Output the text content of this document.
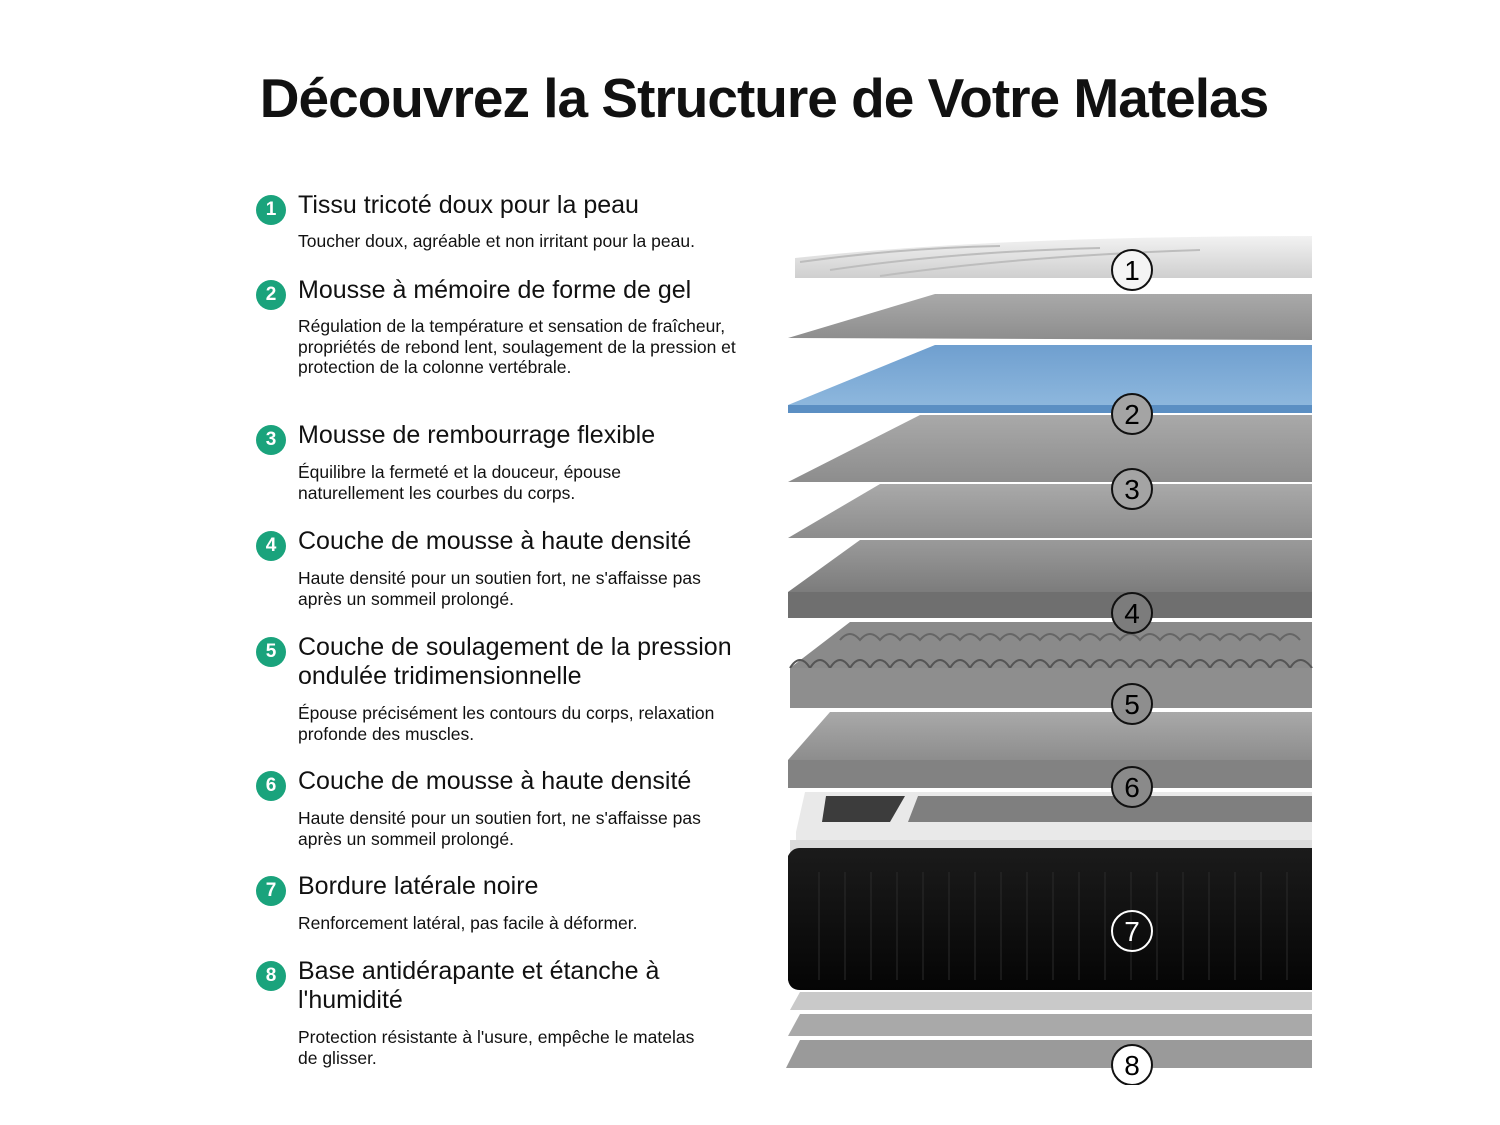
Découvrez la Structure de Votre Matelas
1 Tissu tricoté doux pour la peau
Toucher doux, agréable et non irritant pour la peau.
2 Mousse à mémoire de forme de gel
Régulation de la température et sensation de fraîcheur, propriétés de rebond lent, soulagement de la pression et protection de la colonne vertébrale.
3 Mousse de rembourrage flexible
Équilibre la fermeté et la douceur, épouse naturellement les courbes du corps.
4 Couche de mousse à haute densité
Haute densité pour un soutien fort, ne s'affaisse pas après un sommeil prolongé.
5 Couche de soulagement de la pression ondulée tridimensionnelle
Épouse précisément les contours du corps, relaxation profonde des muscles.
6 Couche de mousse à haute densité
Haute densité pour un soutien fort, ne s'affaisse pas après un sommeil prolongé.
7 Bordure latérale noire
Renforcement latéral, pas facile à déformer.
8 Base antidérapante et étanche à l'humidité
Protection résistante à l'usure, empêche le matelas de glisser.
1
2
3
4
5
6
7
8
